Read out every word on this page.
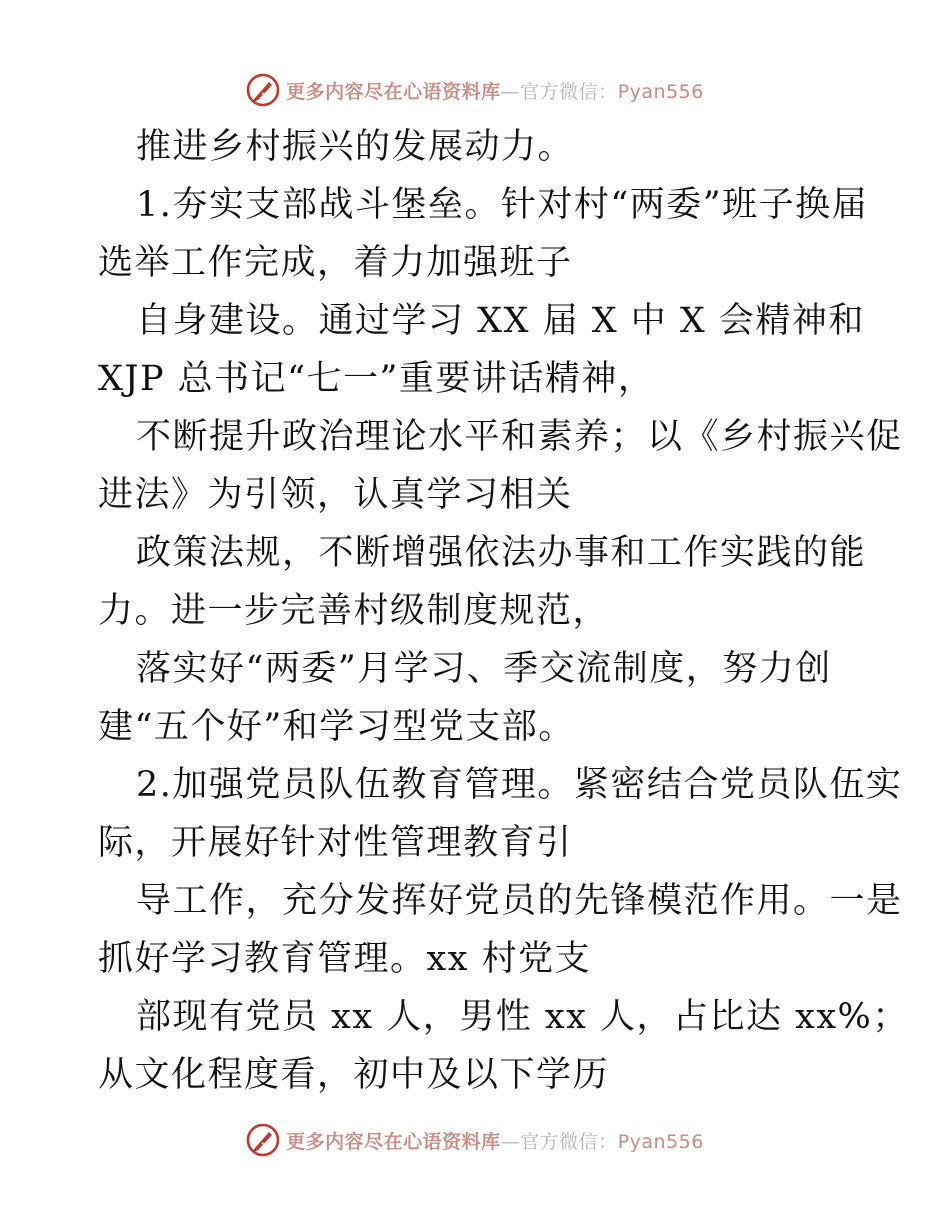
更多内容尽在心语资料库—官方微信：Pyan556
推进乡村振兴的发展动力。
1.夯实支部战斗堡垒。针对村“两委”班子换届
选举工作完成，着力加强班子
自身建设。通过学习 XX 届 X 中 X 会精神和
XJP 总书记“七一”重要讲话精神，
不断提升政治理论水平和素养；以《乡村振兴促
进法》为引领，认真学习相关
政策法规，不断增强依法办事和工作实践的能
力。进一步完善村级制度规范，
落实好“两委”月学习、季交流制度，努力创
建“五个好”和学习型党支部。
2.加强党员队伍教育管理。紧密结合党员队伍实
际，开展好针对性管理教育引
导工作，充分发挥好党员的先锋模范作用。一是
抓好学习教育管理。xx 村党支
部现有党员 xx 人，男性 xx 人，占比达 xx%；
从文化程度看，初中及以下学历
更多内容尽在心语资料库—官方微信：Pyan556
